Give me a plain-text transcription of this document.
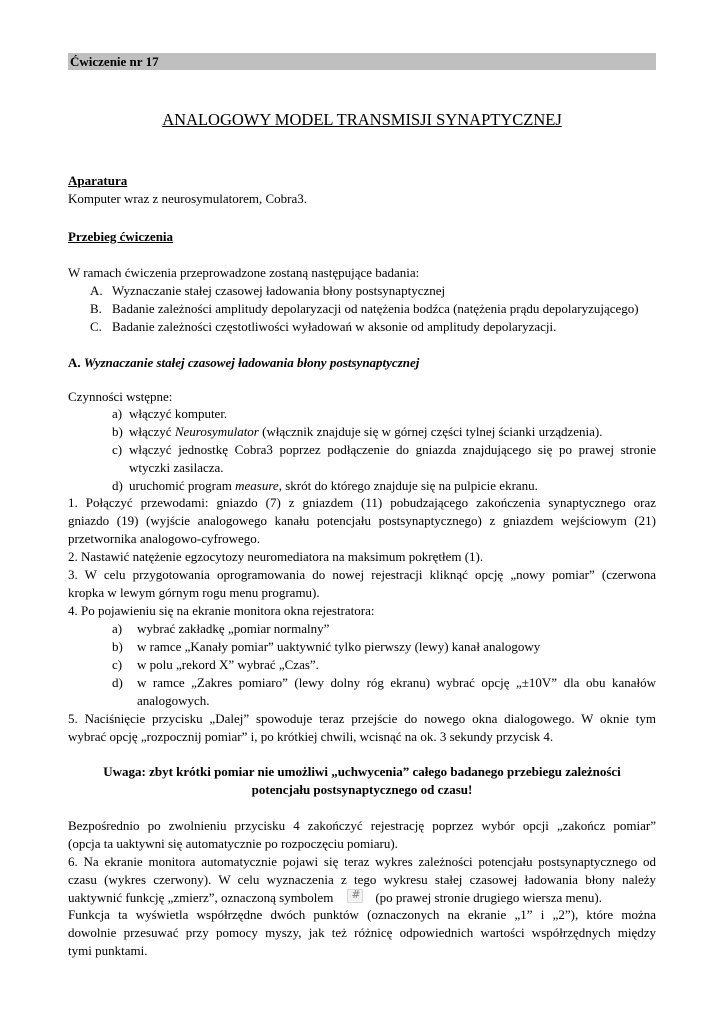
Ćwiczenie nr 17
ANALOGOWY MODEL TRANSMISJI SYNAPTYCZNEJ
Aparatura
Komputer wraz z neurosymulatorem, Cobra3.
Przebieg ćwiczenia
W ramach ćwiczenia przeprowadzone zostaną następujące badania:
A. Wyznaczanie stałej czasowej ładowania błony postsynaptycznej
B. Badanie zależności amplitudy depolaryzacji od natężenia bodźca (natężenia prądu depolaryzującego)
C. Badanie zależności częstotliwości wyładowań w aksonie od amplitudy depolaryzacji.
A. Wyznaczanie stałej czasowej ładowania błony postsynaptycznej
Czynności wstępne:
a) włączyć komputer.
b) włączyć Neurosymulator (włącznik znajduje się w górnej części tylnej ścianki urządzenia).
c) włączyć jednostkę Cobra3 poprzez podłączenie do gniazda znajdującego się po prawej stronie
wtyczki zasilacza.
d) uruchomić program measure, skrót do którego znajduje się na pulpicie ekranu.
1. Połączyć przewodami: gniazdo (7) z gniazdem (11) pobudzającego zakończenia synaptycznego oraz
gniazdo (19) (wyjście analogowego kanału potencjału postsynaptycznego) z gniazdem wejściowym (21)
przetwornika analogowo-cyfrowego.
2. Nastawić natężenie egzocytozy neuromediatora na maksimum pokrętłem (1).
3. W celu przygotowania oprogramowania do nowej rejestracji kliknąć opcję „nowy pomiar” (czerwona
kropka w lewym górnym rogu menu programu).
4. Po pojawieniu się na ekranie monitora okna rejestratora:
a) wybrać zakładkę „pomiar normalny”
b) w ramce „Kanały pomiar” uaktywnić tylko pierwszy (lewy) kanał analogowy
c) w polu „rekord X” wybrać „Czas”.
d) w ramce „Zakres pomiaro” (lewy dolny róg ekranu) wybrać opcję „±10V” dla obu kanałów
analogowych.
5. Naciśnięcie przycisku „Dalej” spowoduje teraz przejście do nowego okna dialogowego. W oknie tym
wybrać opcję „rozpocznij pomiar” i, po krótkiej chwili, wcisnąć na ok. 3 sekundy przycisk 4.
Uwaga: zbyt krótki pomiar nie umożliwi „uchwycenia” całego badanego przebiegu zależności
potencjału postsynaptycznego od czasu!
Bezpośrednio po zwolnieniu przycisku 4 zakończyć rejestrację poprzez wybór opcji „zakończ pomiar”
(opcja ta uaktywni się automatycznie po rozpoczęciu pomiaru).
6. Na ekranie monitora automatycznie pojawi się teraz wykres zależności potencjału postsynaptycznego od
czasu (wykres czerwony). W celu wyznaczenia z tego wykresu stałej czasowej ładowania błony należy
uaktywnić funkcję „zmierz”, oznaczoną symbolem #	(po prawej stronie drugiego wiersza menu).
Funkcja ta wyświetla współrzędne dwóch punktów (oznaczonych na ekranie „1” i „2”), które można
dowolnie przesuwać przy pomocy myszy, jak też różnicę odpowiednich wartości współrzędnych między
tymi punktami.
